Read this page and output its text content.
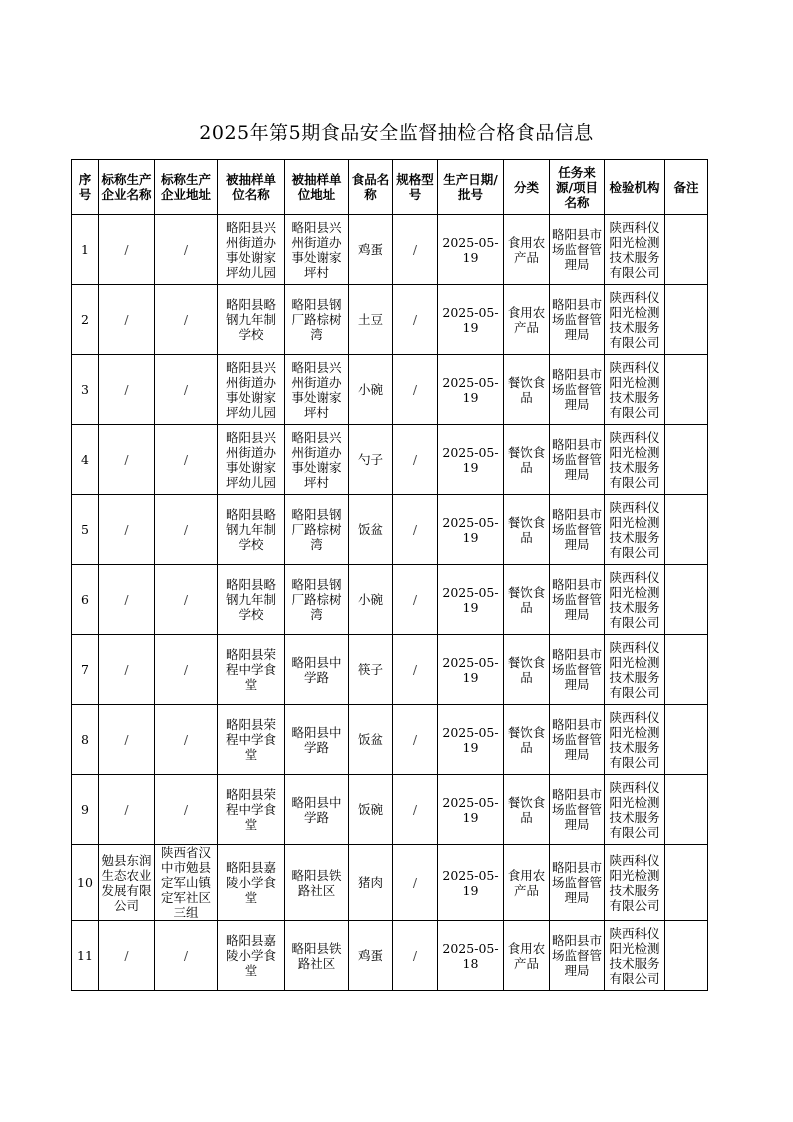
2025年第5期食品安全监督抽检合格食品信息
序号	标称生产企业名称	标称生产企业地址	被抽样单位名称	被抽样单位地址	食品名称	规格型号	生产日期/批号	分类	任务来源/项目名称	检验机构	备注
1	/	/	略阳县兴州街道办事处谢家坪幼儿园	略阳县兴州街道办事处谢家坪村	鸡蛋	/	2025-05-19	食用农产品	略阳县市场监督管理局	陕西科仪阳光检测技术服务有限公司	
2	/	/	略阳县略钢九年制学校	略阳县钢厂路棕树湾	土豆	/	2025-05-19	食用农产品	略阳县市场监督管理局	陕西科仪阳光检测技术服务有限公司	
3	/	/	略阳县兴州街道办事处谢家坪幼儿园	略阳县兴州街道办事处谢家坪村	小碗	/	2025-05-19	餐饮食品	略阳县市场监督管理局	陕西科仪阳光检测技术服务有限公司	
4	/	/	略阳县兴州街道办事处谢家坪幼儿园	略阳县兴州街道办事处谢家坪村	勺子	/	2025-05-19	餐饮食品	略阳县市场监督管理局	陕西科仪阳光检测技术服务有限公司	
5	/	/	略阳县略钢九年制学校	略阳县钢厂路棕树湾	饭盆	/	2025-05-19	餐饮食品	略阳县市场监督管理局	陕西科仪阳光检测技术服务有限公司	
6	/	/	略阳县略钢九年制学校	略阳县钢厂路棕树湾	小碗	/	2025-05-19	餐饮食品	略阳县市场监督管理局	陕西科仪阳光检测技术服务有限公司	
7	/	/	略阳县荣程中学食堂	略阳县中学路	筷子	/	2025-05-19	餐饮食品	略阳县市场监督管理局	陕西科仪阳光检测技术服务有限公司	
8	/	/	略阳县荣程中学食堂	略阳县中学路	饭盆	/	2025-05-19	餐饮食品	略阳县市场监督管理局	陕西科仪阳光检测技术服务有限公司	
9	/	/	略阳县荣程中学食堂	略阳县中学路	饭碗	/	2025-05-19	餐饮食品	略阳县市场监督管理局	陕西科仪阳光检测技术服务有限公司	
10	勉县东润生态农业发展有限公司	陕西省汉中市勉县定军山镇定军社区三组	略阳县嘉陵小学食堂	略阳县铁路社区	猪肉	/	2025-05-19	食用农产品	略阳县市场监督管理局	陕西科仪阳光检测技术服务有限公司	
11	/	/	略阳县嘉陵小学食堂	略阳县铁路社区	鸡蛋	/	2025-05-18	食用农产品	略阳县市场监督管理局	陕西科仪阳光检测技术服务有限公司	
